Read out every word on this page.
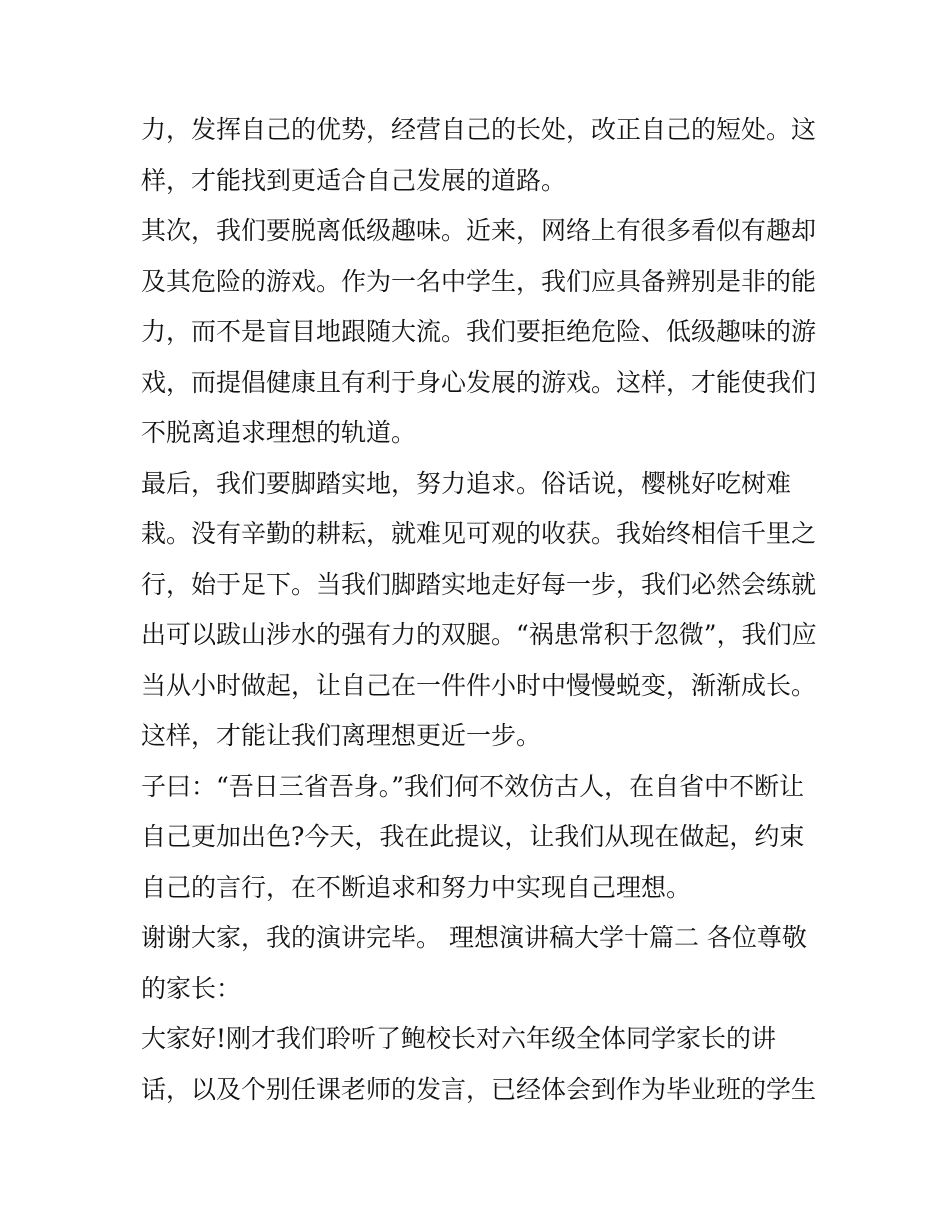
力，发挥自己的优势，经营自己的长处，改正自己的短处。这
样，才能找到更适合自己发展的道路。
其次，我们要脱离低级趣味。近来，网络上有很多看似有趣却
及其危险的游戏。作为一名中学生，我们应具备辨别是非的能
力，而不是盲目地跟随大流。我们要拒绝危险、低级趣味的游
戏，而提倡健康且有利于身心发展的游戏。这样，才能使我们
不脱离追求理想的轨道。
最后，我们要脚踏实地，努力追求。俗话说，樱桃好吃树难
栽。没有辛勤的耕耘，就难见可观的收获。我始终相信千里之
行，始于足下。当我们脚踏实地走好每一步，我们必然会练就
出可以跋山涉水的强有力的双腿。“祸患常积于忽微”，我们应
当从小时做起，让自己在一件件小时中慢慢蜕变，渐渐成长。
这样，才能让我们离理想更近一步。
子曰：“吾日三省吾身。”我们何不效仿古人，在自省中不断让
自己更加出色?今天，我在此提议，让我们从现在做起，约束
自己的言行，在不断追求和努力中实现自己理想。
谢谢大家，我的演讲完毕。 理想演讲稿大学十篇二 各位尊敬
的家长：
大家好!刚才我们聆听了鲍校长对六年级全体同学家长的讲
话，以及个别任课老师的发言，已经体会到作为毕业班的学生
